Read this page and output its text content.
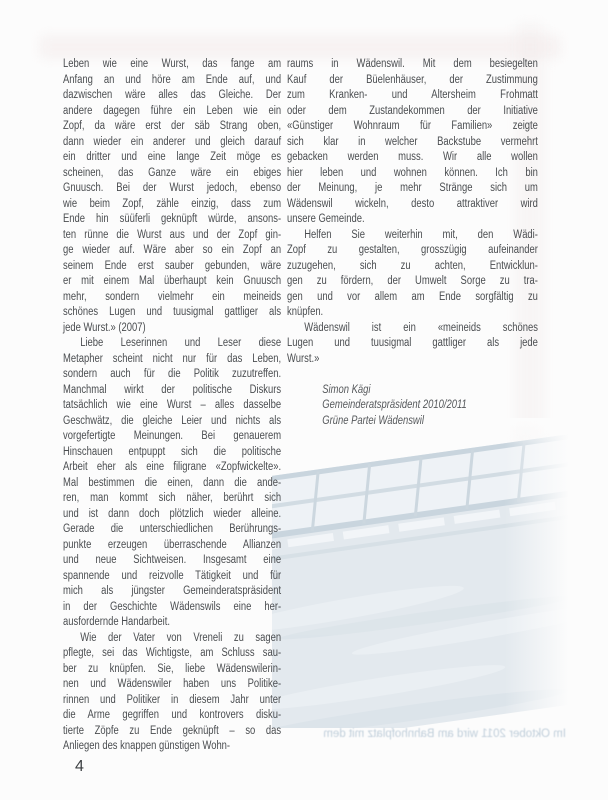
Im Oktober 2011 wird am Bahnhofplatz mit dem
Leben wie eine Wurst, das fange am
Anfang an und höre am Ende auf, und
dazwischen wäre alles das Gleiche. Der
andere dagegen führe ein Leben wie ein
Zopf, da wäre erst der säb Strang oben,
dann wieder ein anderer und gleich darauf
ein dritter und eine lange Zeit möge es
scheinen, das Ganze wäre ein ebiges
Gnuusch. Bei der Wurst jedoch, ebenso
wie beim Zopf, zähle einzig, dass zum
Ende hin süüferli geknüpft würde, ansons-
ten rünne die Wurst aus und der Zopf gin-
ge wieder auf. Wäre aber so ein Zopf an
seinem Ende erst sauber gebunden, wäre
er mit einem Mal überhaupt kein Gnuusch
mehr, sondern vielmehr ein meineids
schönes Lugen und tuusigmal gattliger als
jede Wurst.» (2007)
Liebe Leserinnen und Leser diese
Metapher scheint nicht nur für das Leben,
sondern auch für die Politik zuzutreffen.
Manchmal wirkt der politische Diskurs
tatsächlich wie eine Wurst – alles dasselbe
Geschwätz, die gleiche Leier und nichts als
vorgefertigte Meinungen. Bei genauerem
Hinschauen entpuppt sich die politische
Arbeit eher als eine filigrane «Zopfwickelte».
Mal bestimmen die einen, dann die ande-
ren, man kommt sich näher, berührt sich
und ist dann doch plötzlich wieder alleine.
Gerade die unterschiedlichen Berührungs-
punkte erzeugen überraschende Allianzen
und neue Sichtweisen. Insgesamt eine
spannende und reizvolle Tätigkeit und für
mich als jüngster Gemeinderatspräsident
in der Geschichte Wädenswils eine her-
ausfordernde Handarbeit.
Wie der Vater von Vreneli zu sagen
pflegte, sei das Wichtigste, am Schluss sau-
ber zu knüpfen. Sie, liebe Wädenswilerin-
nen und Wädenswiler haben uns Politike-
rinnen und Politiker in diesem Jahr unter
die Arme gegriffen und kontrovers disku-
tierte Zöpfe zu Ende geknüpft – so das
Anliegen des knappen günstigen Wohn-
raums in Wädenswil. Mit dem besiegelten
Kauf der Büelenhäuser, der Zustimmung
zum Kranken- und Altersheim Frohmatt
oder dem Zustandekommen der Initiative
«Günstiger Wohnraum für Familien» zeigte
sich klar in welcher Backstube vermehrt
gebacken werden muss. Wir alle wollen
hier leben und wohnen können. Ich bin
der Meinung, je mehr Stränge sich um
Wädenswil wickeln, desto attraktiver wird
unsere Gemeinde.
Helfen Sie weiterhin mit, den Wädi-
Zopf zu gestalten, grosszügig aufeinander
zuzugehen, sich zu achten, Entwicklun-
gen zu fördern, der Umwelt Sorge zu tra-
gen und vor allem am Ende sorgfältig zu
knüpfen.
Wädenswil ist ein «meineids schönes
Lugen und tuusigmal gattliger als jede
Wurst.»
Simon Kägi
Gemeinderatspräsident 2010/2011
Grüne Partei Wädenswil
4
